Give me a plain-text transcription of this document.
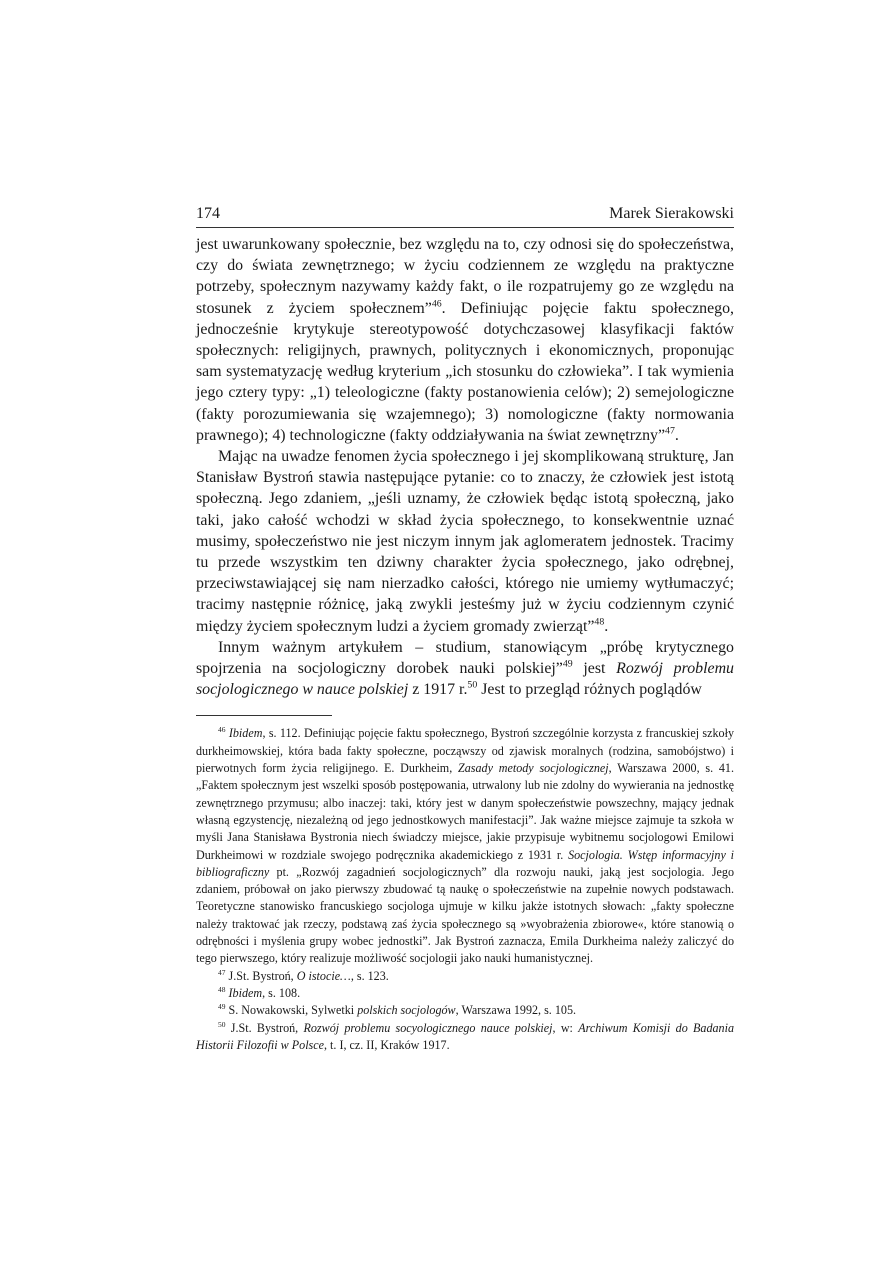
174	Marek Sierakowski

jest uwarunkowany społecznie, bez względu na to, czy odnosi się do społeczeństwa, czy do świata zewnętrznego; w życiu codziennem ze względu na praktyczne potrzeby, społecznym nazywamy każdy fakt, o ile rozpatrujemy go ze względu na stosunek z życiem społecznem”$^{46}$. Definiując pojęcie faktu społecznego, jednocześnie krytykuje stereotypowość dotychczasowej klasyfikacji faktów społecznych: religijnych, prawnych, politycznych i ekonomicznych, proponując sam systematyzację według kryterium „ich stosunku do człowieka”. I tak wymienia jego cztery typy: „1) teleologiczne (fakty postanowienia celów); 2) semejologiczne (fakty porozumiewania się wzajemnego); 3) nomologiczne (fakty normowania prawnego); 4) technologiczne (fakty oddziaływania na świat zewnętrzny”$^{47}$.

Mając na uwadze fenomen życia społecznego i jej skomplikowaną strukturę, Jan Stanisław Bystroń stawia następujące pytanie: co to znaczy, że człowiek jest istotą społeczną. Jego zdaniem, „jeśli uznamy, że człowiek będąc istotą społeczną, jako taki, jako całość wchodzi w skład życia społecznego, to konsekwentnie uznać musimy, społeczeństwo nie jest niczym innym jak aglomeratem jednostek. Tracimy tu przede wszystkim ten dziwny charakter życia społecznego, jako odrębnej, przeciwstawiającej się nam nierzadko całości, którego nie umiemy wytłumaczyć; tracimy następnie różnicę, jaką zwykli jesteśmy już w życiu codziennym czynić między życiem społecznym ludzi a życiem gromady zwierząt”$^{48}$.

Innym ważnym artykułem – studium, stanowiącym „próbę krytycznego spojrzenia na socjologiczny dorobek nauki polskiej”$^{49}$ jest Rozwój problemu socjologicznego w nauce polskiej z 1917 r.$^{50}$ Jest to przegląd różnych poglądów

$^{46}$ Ibidem, s. 112. Definiując pojęcie faktu społecznego, Bystroń szczególnie korzysta z francuskiej szkoły durkheimowskiej, która bada fakty społeczne, począwszy od zjawisk moralnych (rodzina, samobójstwo) i pierwotnych form życia religijnego. E. Durkheim, Zasady metody socjologicznej, Warszawa 2000, s. 41. „Faktem społecznym jest wszelki sposób postępowania, utrwalony lub nie zdolny do wywierania na jednostkę zewnętrznego przymusu; albo inaczej: taki, który jest w danym społeczeństwie powszechny, mający jednak własną egzystencję, niezależną od jego jednostkowych manifestacji”. Jak ważne miejsce zajmuje ta szkoła w myśli Jana Stanisława Bystronia niech świadczy miejsce, jakie przypisuje wybitnemu socjologowi Emilowi Durkheimowi w rozdziale swojego podręcznika akademickiego z 1931 r. Socjologia. Wstęp informacyjny i bibliograficzny pt. „Rozwój zagadnień socjologicznych” dla rozwoju nauki, jaką jest socjologia. Jego zdaniem, próbował on jako pierwszy zbudować tą naukę o społeczeństwie na zupełnie nowych podstawach. Teoretyczne stanowisko francuskiego socjologa ujmuje w kilku jakże istotnych słowach: „fakty społeczne należy traktować jak rzeczy, podstawą zaś życia społecznego są »wyobrażenia zbiorowe«, które stanowią o odrębności i myślenia grupy wobec jednostki”. Jak Bystroń zaznacza, Emila Durkheima należy zaliczyć do tego pierwszego, który realizuje możliwość socjologii jako nauki humanistycznej.

$^{47}$ J.St. Bystroń, O istocie…, s. 123.

$^{48}$ Ibidem, s. 108.

$^{49}$ S. Nowakowski, Sylwetki polskich socjologów, Warszawa 1992, s. 105.

$^{50}$ J.St. Bystroń, Rozwój problemu socyologicznego nauce polskiej, w: Archiwum Komisji do Badania Historii Filozofii w Polsce, t. I, cz. II, Kraków 1917.
